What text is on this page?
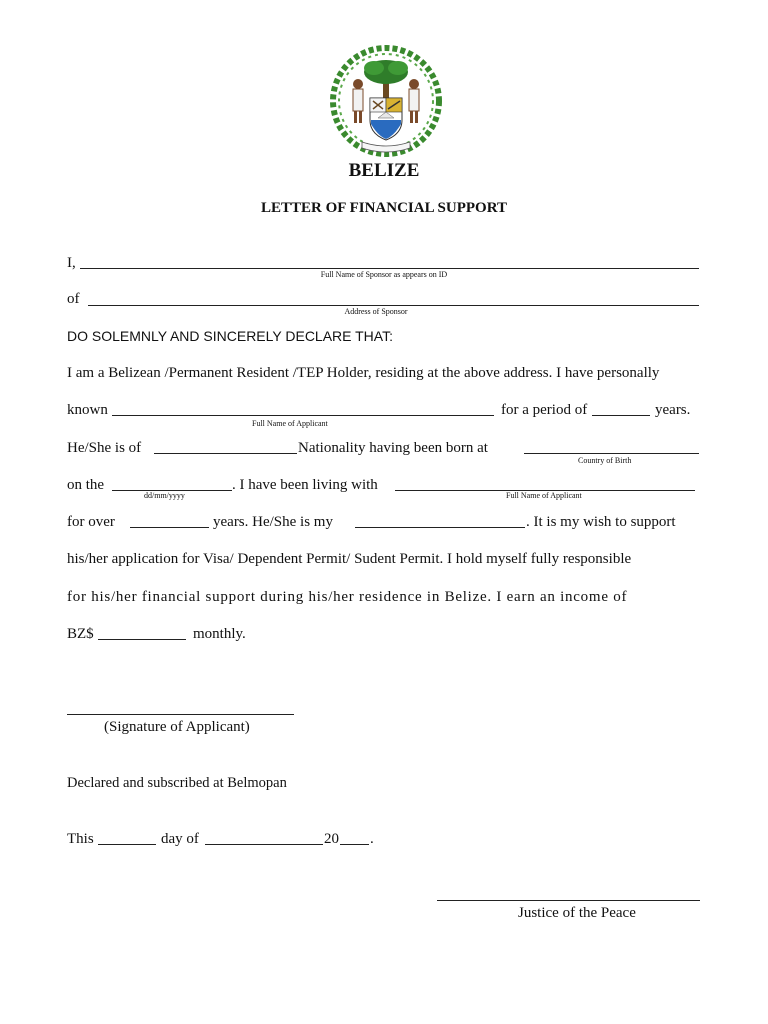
BELIZE
LETTER OF FINANCIAL SUPPORT
I,
Full Name of Sponsor as appears on ID
of
Address of Sponsor
DO SOLEMNLY AND SINCERELY DECLARE THAT:
I am a Belizean /Permanent Resident /TEP Holder, residing at the above address. I have personally
known	for a period of	years.
Full Name of Applicant
He/She is of	Nationality having been born at
Country of Birth
on the	. I have been living with
dd/mm/yyyy	Full Name of Applicant
for over	years. He/She is my	. It is my wish to support
his/her application for Visa/ Dependent Permit/ Sudent Permit. I hold myself fully responsible
for his/her financial support during his/her residence in Belize. I earn an income of
BZ$	monthly.
(Signature of Applicant)
Declared and subscribed at Belmopan
This	day of	20 .
Justice of the Peace
